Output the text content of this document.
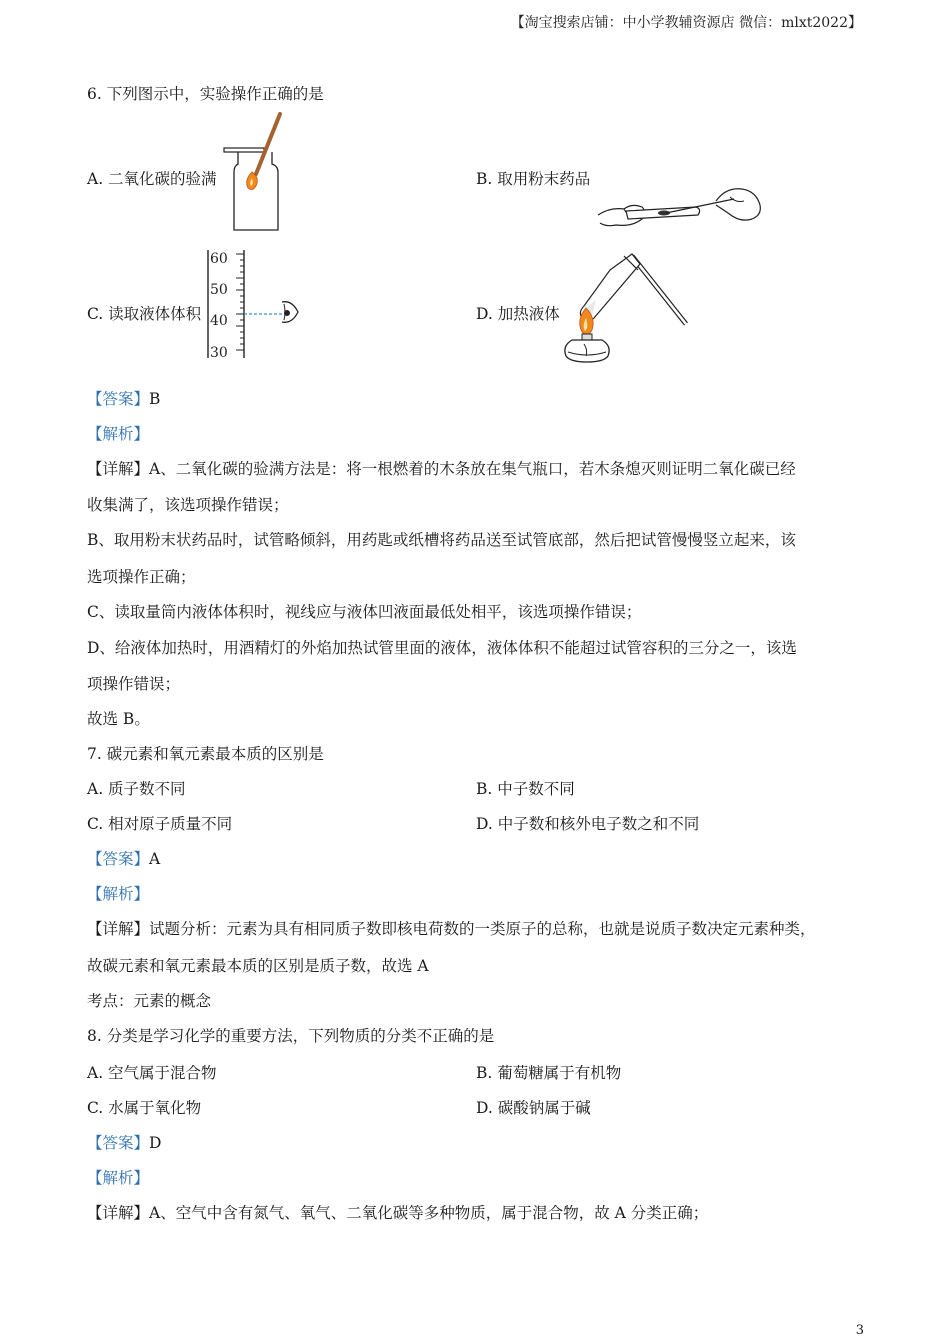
【淘宝搜索店铺：中小学教辅资源店 微信：mlxt2022】
6. 下列图示中，实验操作正确的是
A. 二氧化碳的验满	B. 取用粉末药品
C. 读取液体体积
60
50
40
30
D. 加热液体
【答案】B
【解析】
【详解】A、二氧化碳的验满方法是：将一根燃着的木条放在集气瓶口，若木条熄灭则证明二氧化碳已经
收集满了，该选项操作错误；
B、取用粉末状药品时，试管略倾斜，用药匙或纸槽将药品送至试管底部，然后把试管慢慢竖立起来，该
选项操作正确；
C、读取量筒内液体体积时，视线应与液体凹液面最低处相平，该选项操作错误；
D、给液体加热时，用酒精灯的外焰加热试管里面的液体，液体体积不能超过试管容积的三分之一，该选
项操作错误；
故选 B。
7. 碳元素和氧元素最本质的区别是
A. 质子数不同	B. 中子数不同
C. 相对原子质量不同	D. 中子数和核外电子数之和不同
【答案】A
【解析】
【详解】试题分析：元素为具有相同质子数即核电荷数的一类原子的总称，也就是说质子数决定元素种类，
故碳元素和氧元素最本质的区别是质子数，故选 A
考点：元素的概念
8. 分类是学习化学的重要方法，下列物质的分类不正确的是
A. 空气属于混合物	B. 葡萄糖属于有机物
C. 水属于氧化物	D. 碳酸钠属于碱
【答案】D
【解析】
【详解】A、空气中含有氮气、氧气、二氧化碳等多种物质，属于混合物，故 A 分类正确；
3
